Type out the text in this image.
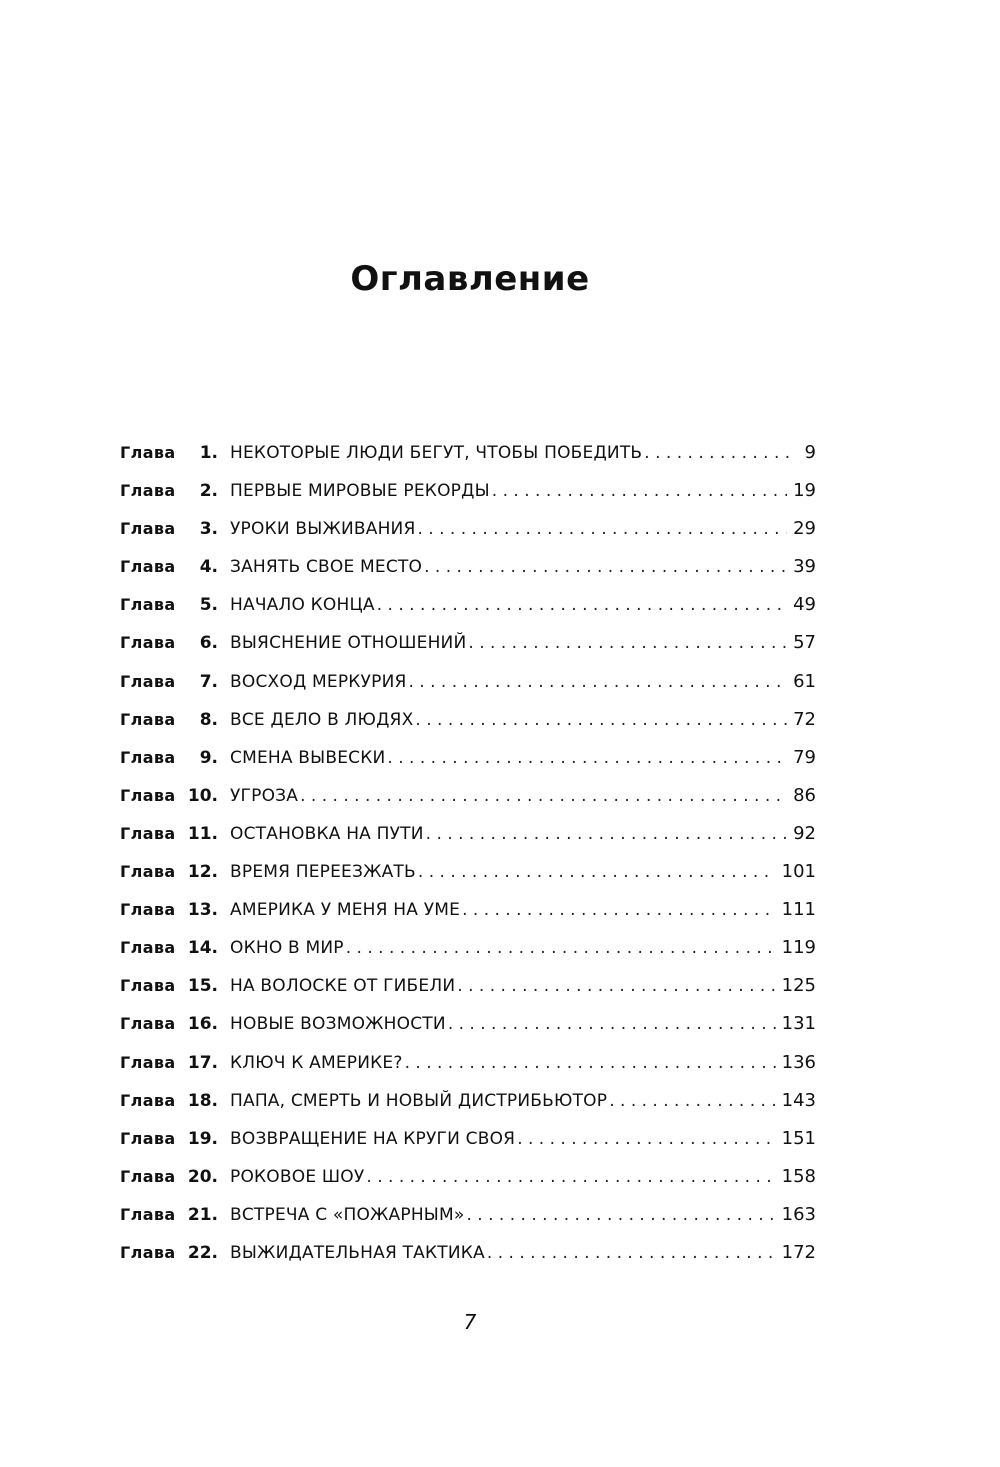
Оглавление
Глава	1. НЕКОТОРЫЕ ЛЮДИ БЕГУТ, ЧТОБЫ ПОБЕДИТЬ . . .	9
Глава	2. ПЕРВЫЕ МИРОВЫЕ РЕКОРДЫ . . .	19
Глава	3. УРОКИ ВЫЖИВАНИЯ . . .	29
Глава	4. ЗАНЯТЬ СВОЕ МЕСТО . . .	39
Глава	5. НАЧАЛО КОНЦА . . .	49
Глава	6. ВЫЯСНЕНИЕ ОТНОШЕНИЙ . . .	57
Глава	7. ВОСХОД МЕРКУРИЯ . . .	61
Глава	8. ВСЕ ДЕЛО В ЛЮДЯХ . . .	72
Глава	9. СМЕНА ВЫВЕСКИ . . .	79
Глава 10. УГРОЗА . . .	86
Глава 11. ОСТАНОВКА НА ПУТИ . . .	92
Глава 12. ВРЕМЯ ПЕРЕЕЗЖАТЬ . . .	101
Глава 13. АМЕРИКА У МЕНЯ НА УМЕ . . .	111
Глава 14. ОКНО В МИР . . .	119
Глава 15. НА ВОЛОСКЕ ОТ ГИБЕЛИ . . .	125
Глава 16. НОВЫЕ ВОЗМОЖНОСТИ . . .	131
Глава 17. КЛЮЧ К АМЕРИКЕ? . . .	136
Глава 18. ПАПА, СМЕРТЬ И НОВЫЙ ДИСТРИБЬЮТОР . . .	143
Глава 19. ВОЗВРАЩЕНИЕ НА КРУГИ СВОЯ . . .	151
Глава 20. РОКОВОЕ ШОУ . . .	158
Глава 21. ВСТРЕЧА С «ПОЖАРНЫМ» . . .	163
Глава 22. ВЫЖИДАТЕЛЬНАЯ ТАКТИКА . . .	172
7
